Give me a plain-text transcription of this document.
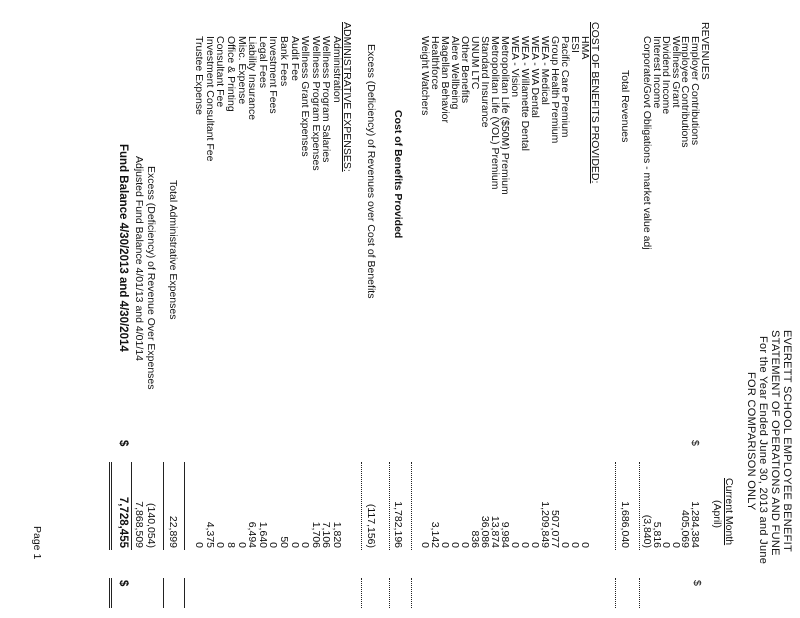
EVERETT SCHOOL EMPLOYEE BENEFIT
STATEMENT OF OPERATIONS AND FUNE
For the Year Ended June 30, 2013 and June
FOR COMPARISON ONLY
Current Month
(April)
REVENUES
Employer Contributions
$
1,284,384
Employee Contributions
405,069
Wellness Grant
0
Dividend Income
0
Interest Income
5,816
Corporate/Govt Obligations - market value adj
(3,840)
Total Revenues
1,686,040
COST OF BENEFITS PROVIDED:
HMA
0
ESI
0
Pacific Care Premium
0
Group Health Premium
507,077
WEA - Medical
1,209,849
WEA - WA Dental
0
WEA - Willamette Dental
0
WEA - Vision
0
Metropolitan Life ($50M) Premium
9,984
Metropolitan Life (VOL) Premium
13,874
Standard Insurance
36,086
UNUM LTC
836
Other Benefits
0
Alere Wellbeing
0
Magellan Behavior
0
Healthforce
3,142
Weight Watchers
0
Cost of Benefits Provided
1,782,196
Excess (Deficiency) of Revenues over Cost of Benefits
(117,156)
ADMINISTRATIVE EXPENSES:
Administration
1,820
Wellness Program Salaries
7,106
Wellness Program Expenses
1,706
Wellness Grant Expenses
0
Audit Fee
0
Bank Fees
50
Investment Fees
0
Legal Fees
1,640
Liability Insurance
6,494
Misc. Expense
0
Office & Printing
8
Consultant Fee
0
Investment Consultant Fee
4,375
Trustee Expense
0
Total Administrative Expenses
22,899
Excess (Deficiency) of Revenue Over Expenses
(140,054)
Adjusted Fund Balance 4/01/13 and 4/01/14
7,868,509
Fund Balance 4/30/2013 and 4/30/2014
$
7,728,455
$	$
Page 1
